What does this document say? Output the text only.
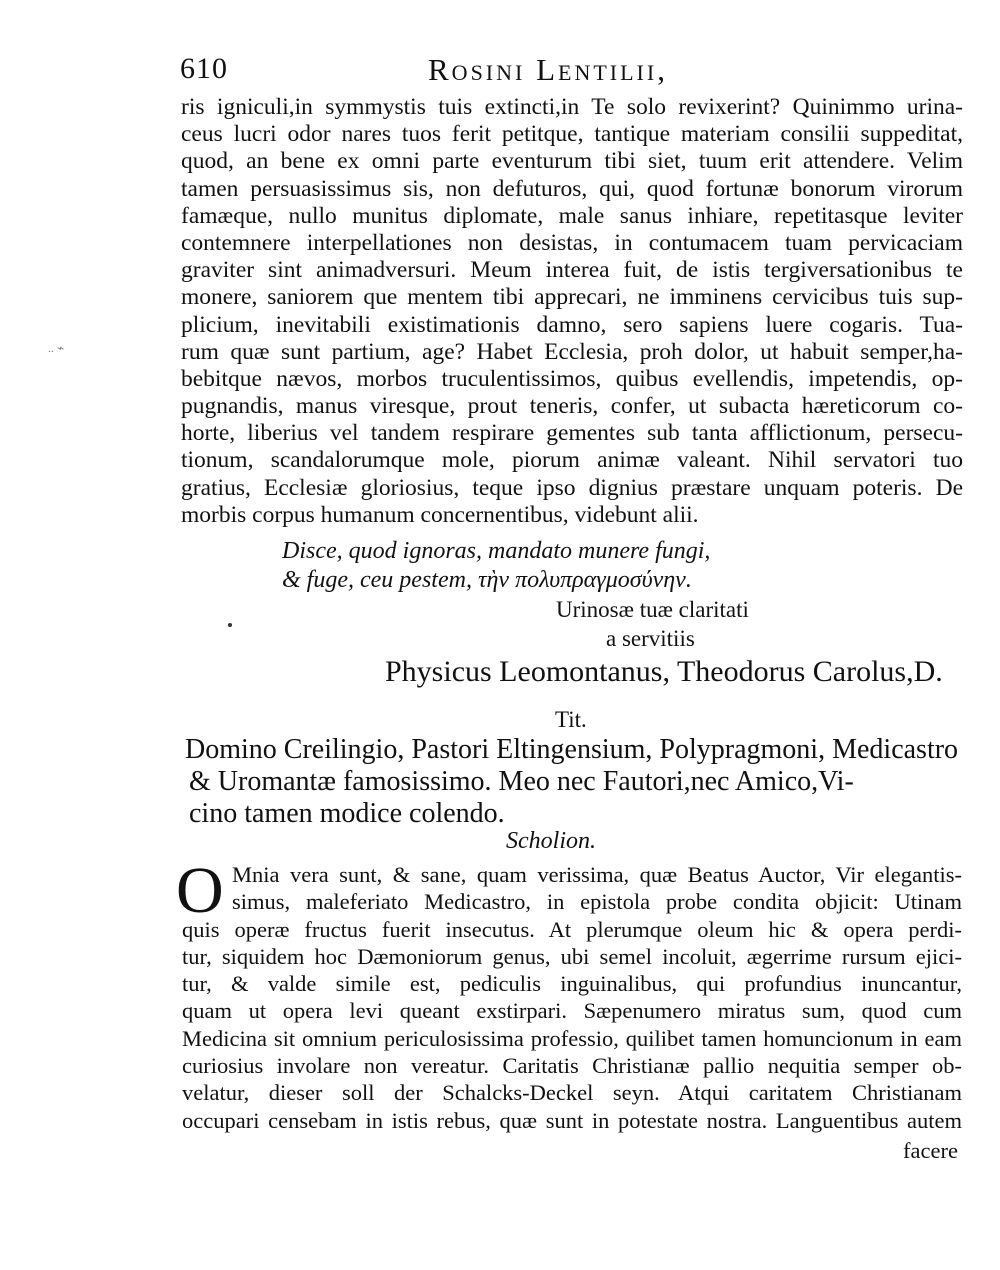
610	Rosini Lentilii,
ris igniculi,in symmystis tuis extincti,in Te solo revixerint? Quinimmo urina-
ceus lucri odor nares tuos ferit petitque, tantique materiam consilii suppeditat,
quod, an bene ex omni parte eventurum tibi siet, tuum erit attendere. Velim
tamen persuasissimus sis, non defuturos, qui, quod fortunæ bonorum virorum
famæque, nullo munitus diplomate, male sanus inhiare, repetitasque leviter
contemnere interpellationes non desistas, in contumacem tuam pervicaciam
graviter sint animadversuri. Meum interea fuit, de istis tergiversationibus te
monere, saniorem que mentem tibi apprecari, ne imminens cervicibus tuis sup-
plicium, inevitabili existimationis damno, sero sapiens luere cogaris. Tua-
rum quæ sunt partium, age? Habet Ecclesia, proh dolor, ut habuit semper,ha-
bebitque nævos, morbos truculentissimos, quibus evellendis, impetendis, op-
pugnandis, manus viresque, prout teneris, confer, ut subacta hæreticorum co-
horte, liberius vel tandem respirare gementes sub tanta afflictionum, persecu-
tionum, scandalorumque mole, piorum animæ valeant. Nihil servatori tuo
gratius, Ecclesiæ gloriosius, teque ipso dignius præstare unquam poteris. De
morbis corpus humanum concernentibus, videbunt alii.
Disce, quod ignoras, mandato munere fungi,
& fuge, ceu pestem, τὴν πολυπραγμοσύνην.
.. ⌁
Urinosæ tuæ claritati
a servitiis
Physicus Leomontanus, Theodorus Carolus,D.
Tit.
Domino Creilingio, Pastori Eltingensium, Polypragmoni, Medicastro
& Uromantæ famosissimo. Meo nec Fautori,nec Amico,Vi-
cino tamen modice colendo.
Scholion.
O Mnia vera sunt, & sane, quam verissima, quæ Beatus Auctor, Vir elegantis-
simus, maleferiato Medicastro, in epistola probe condita objicit: Utinam
quis operæ fructus fuerit insecutus. At plerumque oleum hic & opera perdi-
tur, siquidem hoc Dæmoniorum genus, ubi semel incoluit, ægerrime rursum ejici-
tur, & valde simile est, pediculis inguinalibus, qui profundius inuncantur,
quam ut opera levi queant exstirpari. Sæpenumero miratus sum, quod cum
Medicina sit omnium periculosissima professio, quilibet tamen homuncionum in eam
curiosius involare non vereatur. Caritatis Christianæ pallio nequitia semper ob-
velatur, dieser soll der Schalcks-Deckel seyn. Atqui caritatem Christianam
occupari censebam in istis rebus, quæ sunt in potestate nostra. Languentibus autem
facere
